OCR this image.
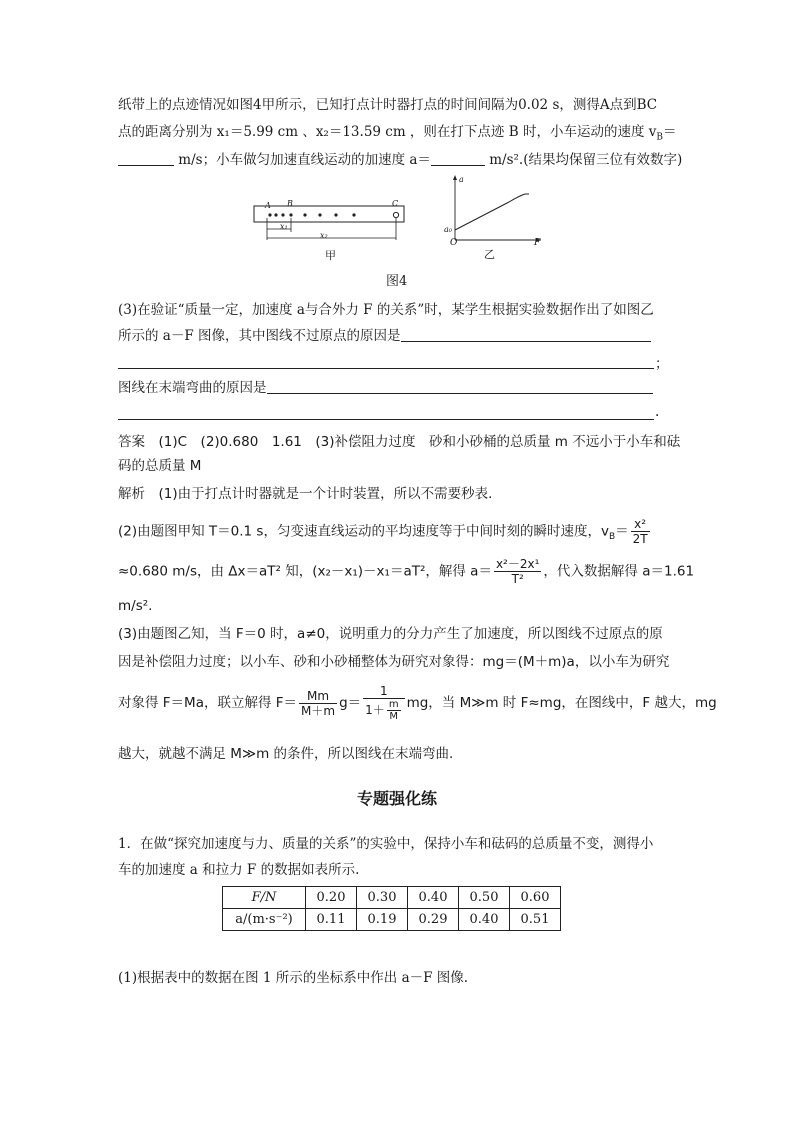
纸带上的点迹情况如图4甲所示，已知打点计时器打点的时间间隔为0.02 s，测得A点到BC
点的距离分别为 x₁＝5.99 cm 、x₂＝13.59 cm ，则在打下点迹 B 时，小车运动的速度 $v_B=$
m/s；小车做匀加速直线运动的加速度 a＝	m/s².(结果均保留三位有效数字)
A B	C
x₁
x₂
甲
a
a₀
O	F
乙
图4
(3)在验证“质量一定，加速度 a与合外力 F 的关系”时，某学生根据实验数据作出了如图乙
所示的 a－F 图像，其中图线不过原点的原因是
；
图线在末端弯曲的原因是
.
答案　(1)C　(2)0.680　1.61　(3)补偿阻力过度　砂和小砂桶的总质量 m 不远小于小车和砝
码的总质量 M
解析　(1)由于打点计时器就是一个计时装置，所以不需要秒表.
(2)由题图甲知 T＝0.1 s，匀变速直线运动的平均速度等于中间时刻的瞬时速度，$v_B= \frac{\text{x²}}{2T}$
≈0.680 m/s，由 Δx＝aT² 知，(x₂－x₁)－x₁＝aT²，解得 $a= \frac{\text{x²－2x¹}}{\text{T²}}$ ，代入数据解得 a＝1.61
m/s².
(3)由题图乙知，当 F＝0 时，a≠0，说明重力的分力产生了加速度，所以图线不过原点的原
因是补偿阻力过度；以小车、砂和小砂桶整体为研究对象得：mg＝(M＋m)a，以小车为研究
对象得 F＝Ma，联立解得 $F= \frac{Mm}{M+m} g= \frac{1}{1+ \frac{m}{M}}$ mg，当 M≫m 时 F≈mg，在图线中，F 越大，mg
越大，就越不满足 M≫m 的条件，所以图线在末端弯曲.
专题强化练
1．在做“探究加速度与力、质量的关系”的实验中，保持小车和砝码的总质量不变，测得小
车的加速度 a 和拉力 F 的数据如表所示.
F/N	0.20	0.30	0.40	0.50	0.60
a/(m·s⁻²)	0.11	0.19	0.29	0.40	0.51
(1)根据表中的数据在图 1 所示的坐标系中作出 a－F 图像.
